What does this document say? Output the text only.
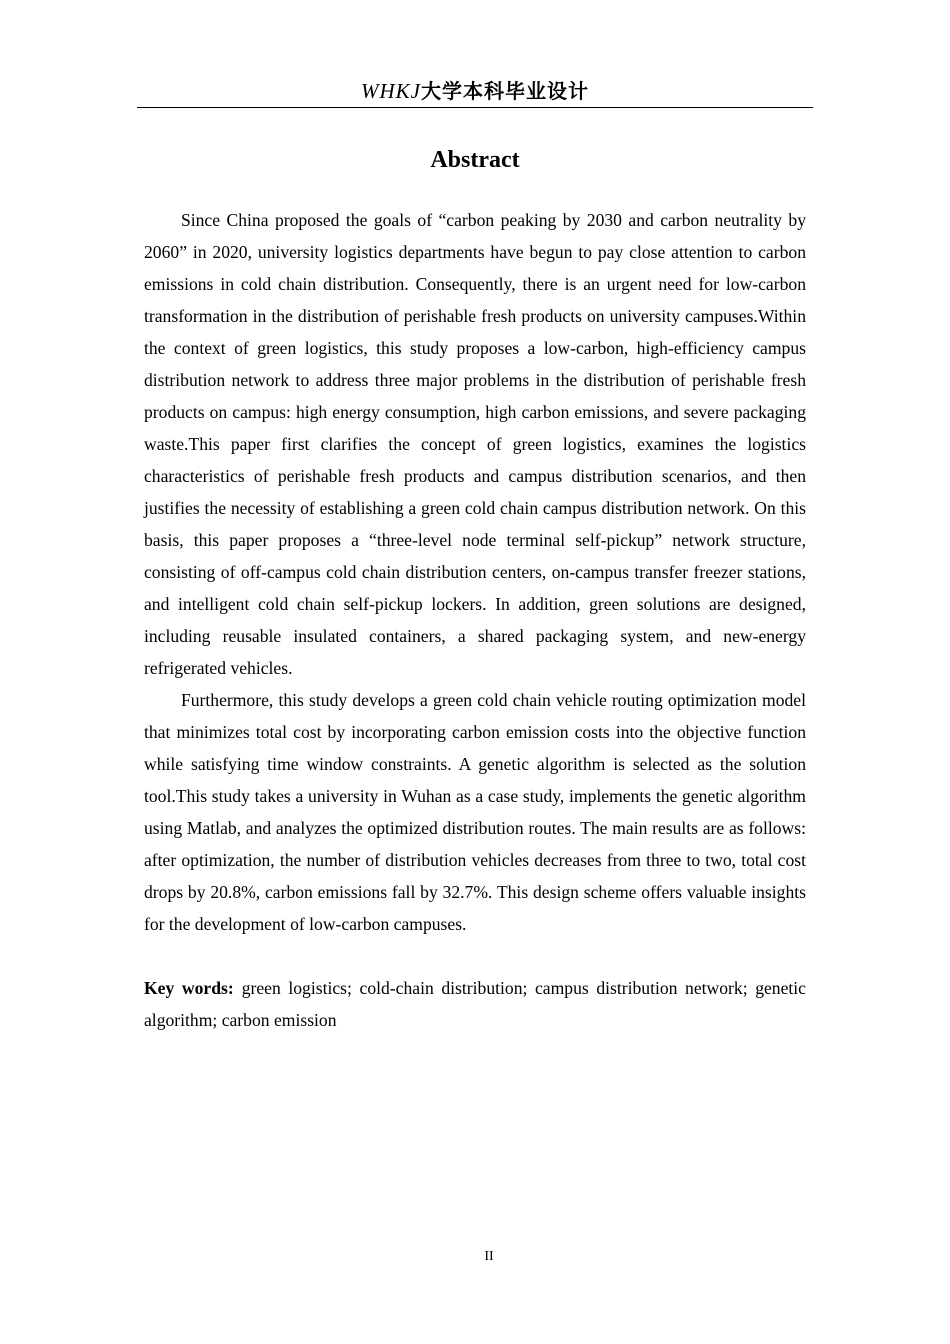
WHKJ大学本科毕业设计
Abstract

Since China proposed the goals of “carbon peaking by 2030 and carbon neutrality by 2060” in 2020, university logistics departments have begun to pay close attention to carbon emissions in cold chain distribution. Consequently, there is an urgent need for low-carbon transformation in the distribution of perishable fresh products on university campuses.Within the context of green logistics, this study proposes a low-carbon, high-efficiency campus distribution network to address three major problems in the distribution of perishable fresh products on campus: high energy consumption, high carbon emissions, and severe packaging waste.This paper first clarifies the concept of green logistics, examines the logistics characteristics of perishable fresh products and campus distribution scenarios, and then justifies the necessity of establishing a green cold chain campus distribution network. On this basis, this paper proposes a “three-level node terminal self-pickup” network structure, consisting of off-campus cold chain distribution centers, on-campus transfer freezer stations, and intelligent cold chain self-pickup lockers. In addition, green solutions are designed, including reusable insulated containers, a shared packaging system, and new-energy refrigerated vehicles.

Furthermore, this study develops a green cold chain vehicle routing optimization model that minimizes total cost by incorporating carbon emission costs into the objective function while satisfying time window constraints. A genetic algorithm is selected as the solution tool.This study takes a university in Wuhan as a case study, implements the genetic algorithm using Matlab, and analyzes the optimized distribution routes. The main results are as follows: after optimization, the number of distribution vehicles decreases from three to two, total cost drops by 20.8%, carbon emissions fall by 32.7%. This design scheme offers valuable insights for the development of low-carbon campuses.

Key words: green logistics; cold-chain distribution; campus distribution network; genetic algorithm; carbon emission

II
